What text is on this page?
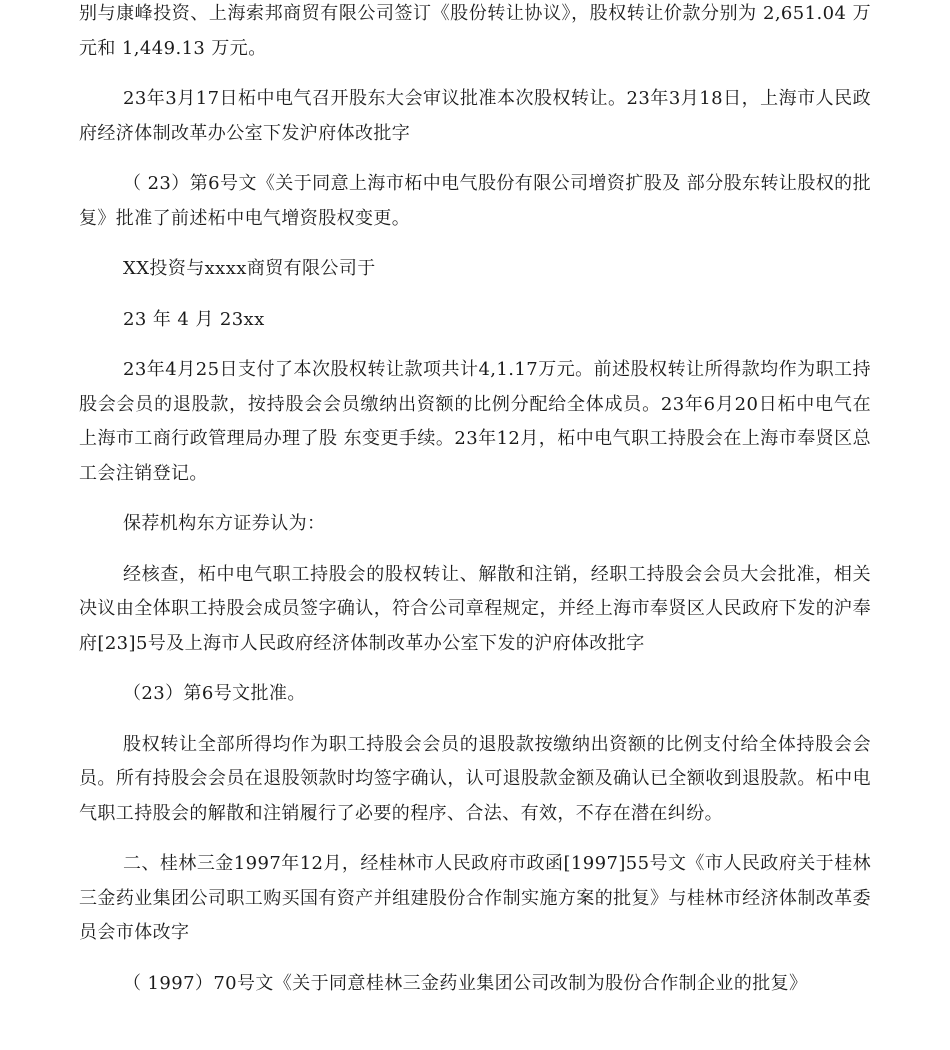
别与康峰投资、上海索邦商贸有限公司签订《股份转让协议》，股权转让价款分别为 2,651.04 万元和 1,449.13 万元。

23年3月17日柘中电气召开股东大会审议批准本次股权转让。23年3月18日，上海市人民政府经济体制改革办公室下发沪府体改批字

（ 23）第6号文《关于同意上海市柘中电气股份有限公司增资扩股及 部分股东转让股权的批复》批准了前述柘中电气增资股权变更。

XX投资与xxxx商贸有限公司于

23 年 4 月 23xx

23年4月25日支付了本次股权转让款项共计4,1.17万元。前述股权转让所得款均作为职工持股会会员的退股款，按持股会会员缴纳出资额的比例分配给全体成员。23年6月20日柘中电气在上海市工商行政管理局办理了股 东变更手续。23年12月，柘中电气职工持股会在上海市奉贤区总工会注销登记。

保荐机构东方证券认为：

经核查，柘中电气职工持股会的股权转让、解散和注销，经职工持股会会员大会批准，相关决议由全体职工持股会成员签字确认，符合公司章程规定，并经上海市奉贤区人民政府下发的沪奉府[23]5号及上海市人民政府经济体制改革办公室下发的沪府体改批字

（23）第6号文批准。

股权转让全部所得均作为职工持股会会员的退股款按缴纳出资额的比例支付给全体持股会会员。所有持股会会员在退股领款时均签字确认，认可退股款金额及确认已全额收到退股款。柘中电气职工持股会的解散和注销履行了必要的程序、合法、有效，不存在潜在纠纷。

二、桂林三金1997年12月，经桂林市人民政府市政函[1997]55号文《市人民政府关于桂林三金药业集团公司职工购买国有资产并组建股份合作制实施方案的批复》与桂林市经济体制改革委员会市体改字

（ 1997）70号文《关于同意桂林三金药业集团公司改制为股份合作制企业的批复》
